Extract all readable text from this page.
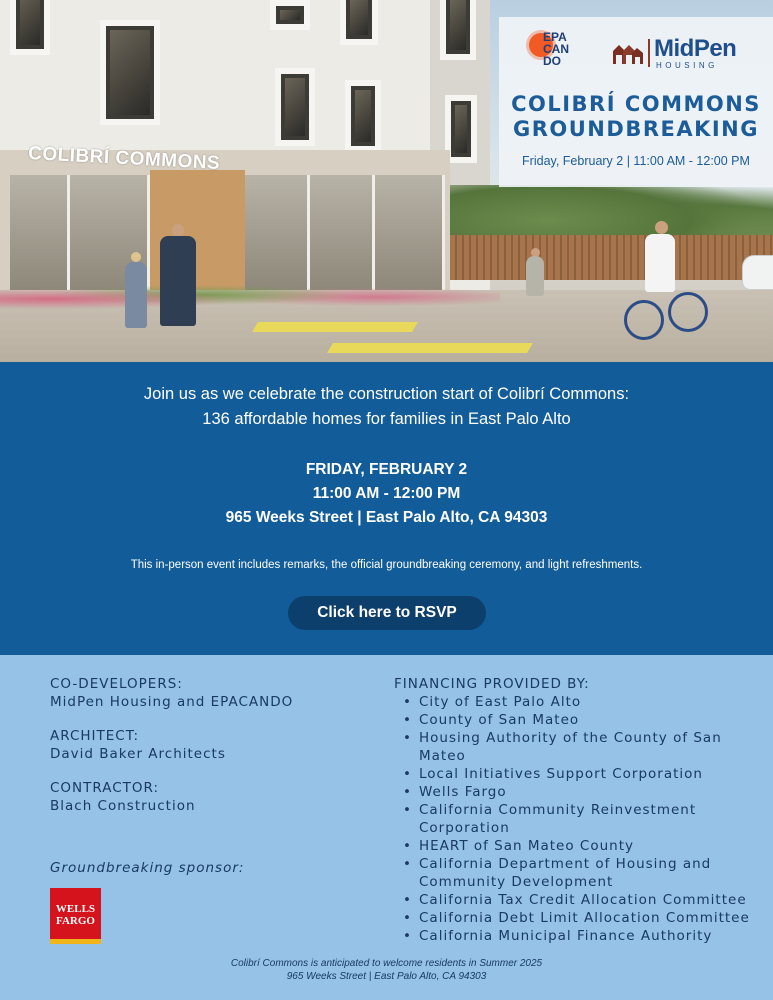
COLIBRÍ COMMONS
EPA
CAN
DO	MidPen
HOUSING
COLIBRÍ COMMONS
GROUNDBREAKING
Friday, February 2 | 11:00 AM - 12:00 PM
Join us as we celebrate the construction start of Colibrí Commons:
136 affordable homes for families in East Palo Alto
FRIDAY, FEBRUARY 2
11:00 AM - 12:00 PM
965 Weeks Street | East Palo Alto, CA 94303
This in-person event includes remarks, the official groundbreaking ceremony, and light refreshments.
Click here to RSVP
CO-DEVELOPERS:
MidPen Housing and EPACANDO
ARCHITECT:
David Baker Architects
CONTRACTOR:
Blach Construction
Groundbreaking sponsor:
WELLS
FARGO
FINANCING PROVIDED BY:
• City of East Palo Alto
• County of San Mateo
• Housing Authority of the County of San Mateo
• Local Initiatives Support Corporation
• Wells Fargo
• California Community Reinvestment Corporation
• HEART of San Mateo County
• California Department of Housing and Community Development
• California Tax Credit Allocation Committee
• California Debt Limit Allocation Committee
• California Municipal Finance Authority
Colibrí Commons is anticipated to welcome residents in Summer 2025
965 Weeks Street | East Palo Alto, CA 94303
